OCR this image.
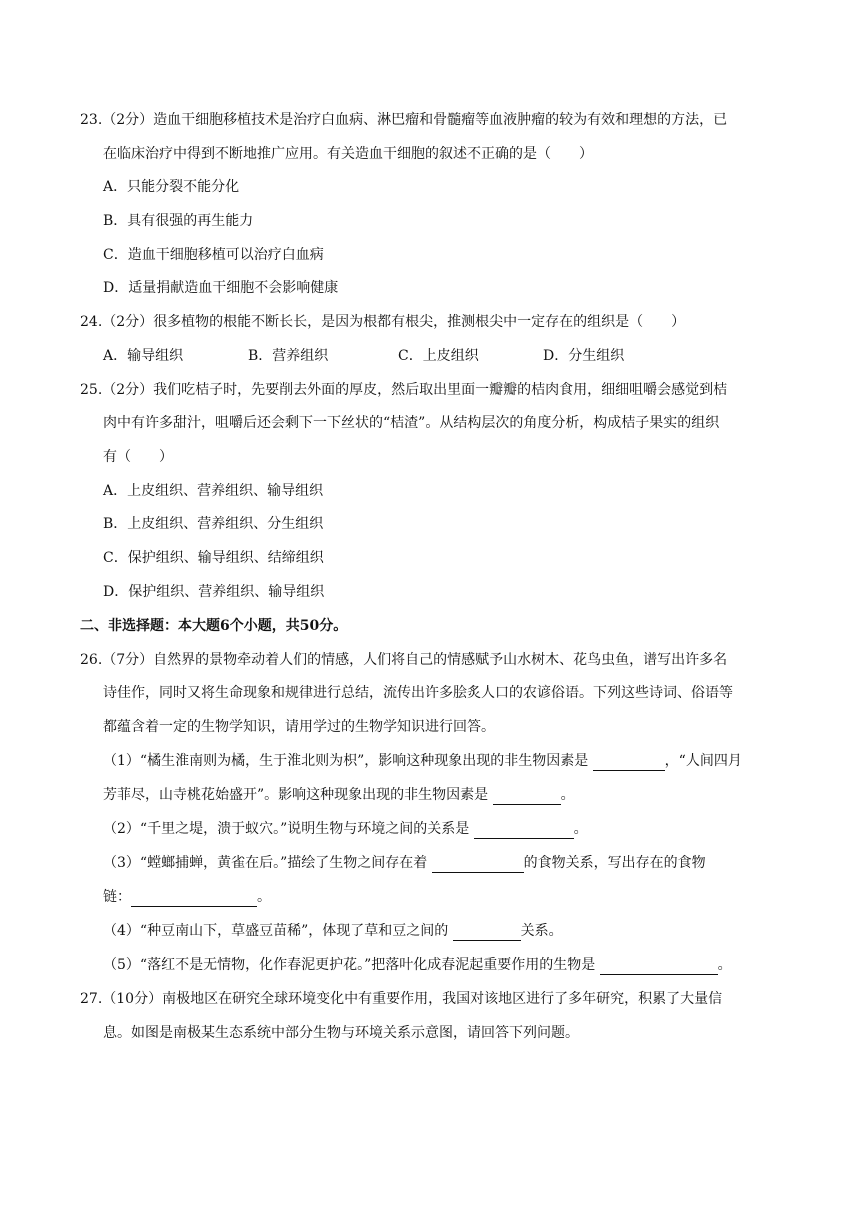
23.（2分）造血干细胞移植技术是治疗白血病、淋巴瘤和骨髓瘤等血液肿瘤的较为有效和理想的方法，已
在临床治疗中得到不断地推广应用。有关造血干细胞的叙述不正确的是（　　）
A．只能分裂不能分化
B．具有很强的再生能力
C．造血干细胞移植可以治疗白血病
D．适量捐献造血干细胞不会影响健康
24.（2分）很多植物的根能不断长长，是因为根都有根尖，推测根尖中一定存在的组织是（　　）
A．输导组织	B．营养组织	C．上皮组织	D．分生组织
25.（2分）我们吃桔子时，先要削去外面的厚皮，然后取出里面一瓣瓣的桔肉食用，细细咀嚼会感觉到桔
肉中有许多甜汁，咀嚼后还会剩下一下丝状的“桔渣”。从结构层次的角度分析，构成桔子果实的组织
有（　　）
A．上皮组织、营养组织、输导组织
B．上皮组织、营养组织、分生组织
C．保护组织、输导组织、结缔组织
D．保护组织、营养组织、输导组织
二、非选择题：本大题6个小题，共50分。
26.（7分）自然界的景物牵动着人们的情感，人们将自己的情感赋予山水树木、花鸟虫鱼，谱写出许多名
诗佳作，同时又将生命现象和规律进行总结，流传出许多脍炙人口的农谚俗语。下列这些诗词、俗语等
都蕴含着一定的生物学知识，请用学过的生物学知识进行回答。
（1）“橘生淮南则为橘，生于淮北则为枳”，影响这种现象出现的非生物因素是	，“人间四月
芳菲尽，山寺桃花始盛开”。影响这种现象出现的非生物因素是	。
（2）“千里之堤，溃于蚁穴。”说明生物与环境之间的关系是	。
（3）“螳螂捕蝉，黄雀在后。”描绘了生物之间存在着	的食物关系，写出存在的食物
链：	。
（4）“种豆南山下，草盛豆苗稀”，体现了草和豆之间的	关系。
（5）“落红不是无情物，化作春泥更护花。”把落叶化成春泥起重要作用的生物是	。
27.（10分）南极地区在研究全球环境变化中有重要作用，我国对该地区进行了多年研究，积累了大量信
息。如图是南极某生态系统中部分生物与环境关系示意图，请回答下列问题。
